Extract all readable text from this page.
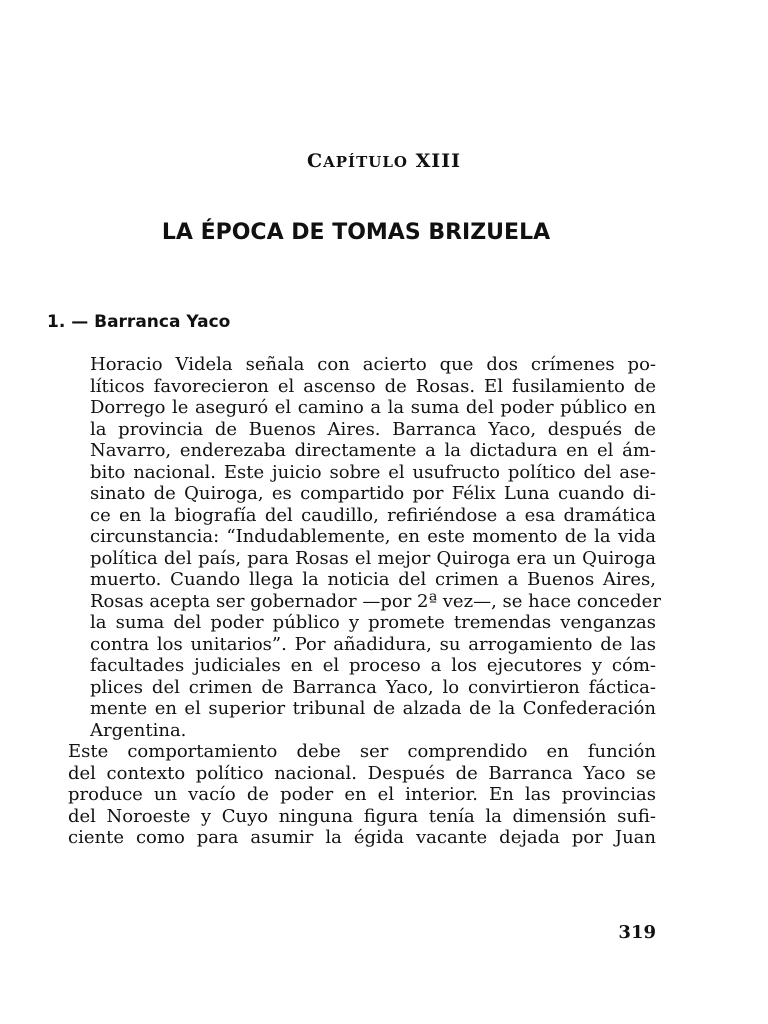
CAPÍTULO XIII
LA ÉPOCA DE TOMAS BRIZUELA
1. — Barranca Yaco

Horacio Videla señala con acierto que dos crímenes po-
líticos favorecieron el ascenso de Rosas. El fusilamiento de
Dorrego le aseguró el camino a la suma del poder público en
la provincia de Buenos Aires. Barranca Yaco, después de
Navarro, enderezaba directamente a la dictadura en el ám-
bito nacional. Este juicio sobre el usufructo político del ase-
sinato de Quiroga, es compartido por Félix Luna cuando di-
ce en la biografía del caudillo, refiriéndose a esa dramática
circunstancia: “Indudablemente, en este momento de la vida
política del país, para Rosas el mejor Quiroga era un Quiroga
muerto. Cuando llega la noticia del crimen a Buenos Aires,
Rosas acepta ser gobernador —por 2ª vez—, se hace conceder
la suma del poder público y promete tremendas venganzas
contra los unitarios”. Por añadidura, su arrogamiento de las
facultades judiciales en el proceso a los ejecutores y cóm-
plices del crimen de Barranca Yaco, lo convirtieron fáctica-
mente en el superior tribunal de alzada de la Confederación
Argentina.

Este comportamiento debe ser comprendido en función
del contexto político nacional. Después de Barranca Yaco se
produce un vacío de poder en el interior. En las provincias
del Noroeste y Cuyo ninguna figura tenía la dimensión sufi-
ciente como para asumir la égida vacante dejada por Juan

319
